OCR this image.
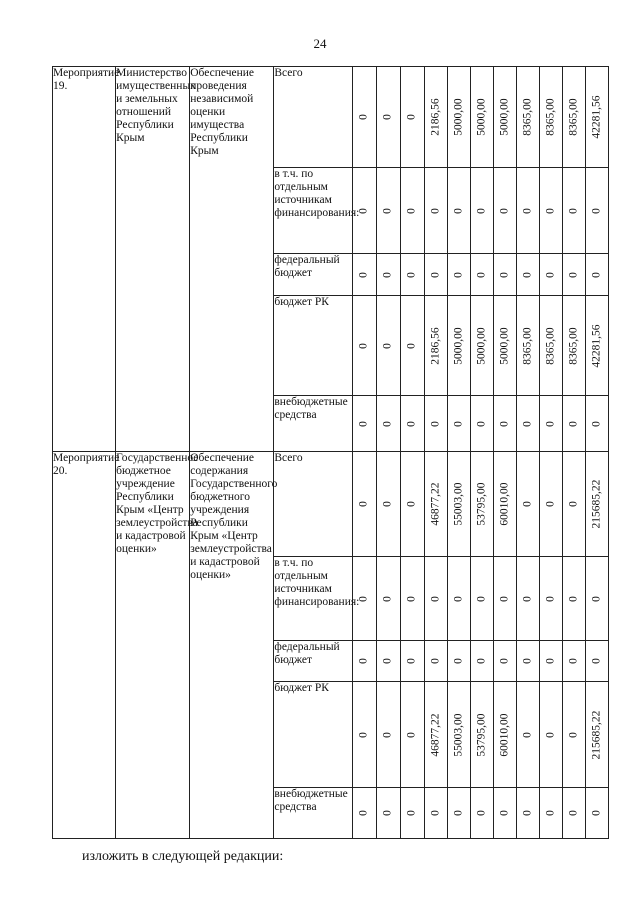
24
Мероприятие 19.	Министерство имущественных и земельных отношений Республики Крым	Обеспечение проведения независимой оценки имущества Республики Крым	Всего	0	0	0	2186,56	5000,00	5000,00	5000,00	8365,00	8365,00	8365,00	42281,56

			в т.ч. по отдельным источникам финансирования:	0	0	0	0	0	0	0	0	0	0	0

			федеральный бюджет	0	0	0	0	0	0	0	0	0	0	0

			бюджет РК	0	0	0	2186,56	5000,00	5000,00	5000,00	8365,00	8365,00	8365,00	42281,56

			внебюджетные средства	0	0	0	0	0	0	0	0	0	0	0

Мероприятие 20.	Государственное бюджетное учреждение Республики Крым «Центр землеустройства и кадастровой оценки»	Обеспечение содержания Государственного бюджетного учреждения Республики Крым «Центр землеустройства и кадастровой оценки»	Всего	0	0	0	46877,22	55003,00	53795,00	60010,00	0	0	0	215685,22

			в т.ч. по отдельным источникам финансирования:	0	0	0	0	0	0	0	0	0	0	0

			федеральный бюджет	0	0	0	0	0	0	0	0	0	0	0

			бюджет РК	0	0	0	46877,22	55003,00	53795,00	60010,00	0	0	0	215685,22

			внебюджетные средства	0	0	0	0	0	0	0	0	0	0	0
изложить в следующей редакции:
